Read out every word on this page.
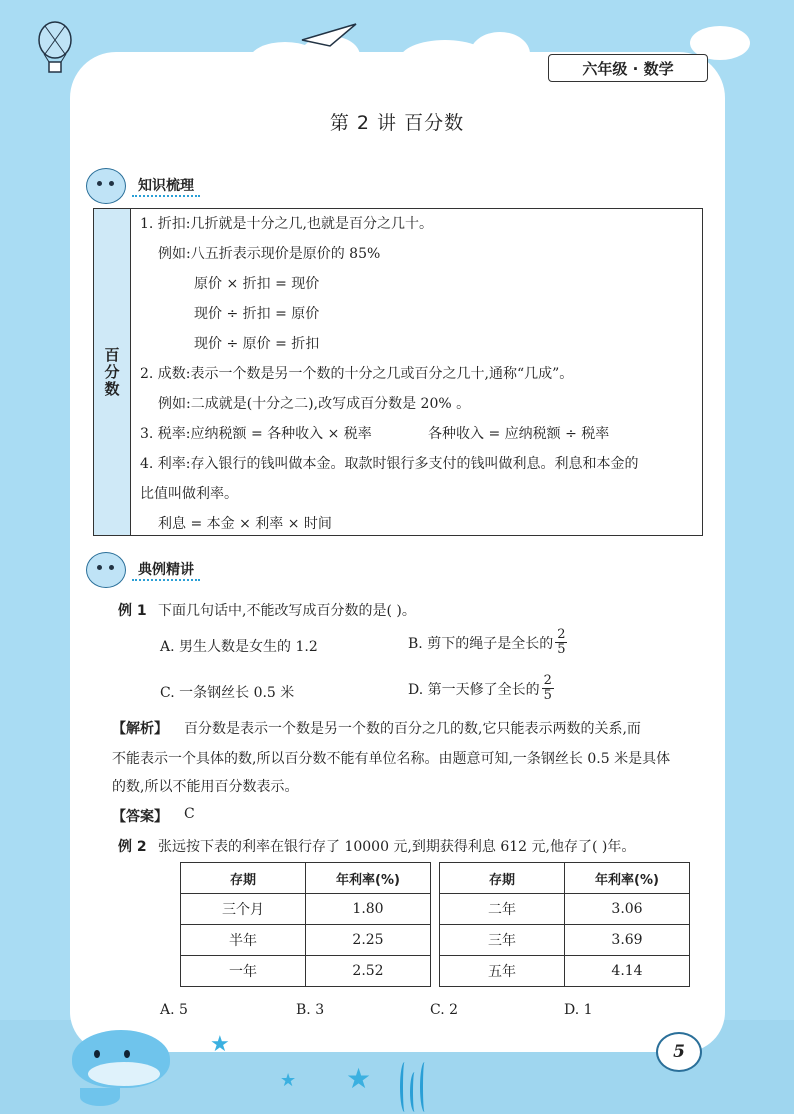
六年级 · 数学
第 2 讲 百分数
知识梳理
百分数
1. 折扣:几折就是十分之几,也就是百分之几十。
例如:八五折表示现价是原价的 85%
原价 × 折扣 = 现价
现价 ÷ 折扣 = 原价
现价 ÷ 原价 = 折扣
2. 成数:表示一个数是另一个数的十分之几或百分之几十,通称“几成”。
例如:二成就是(十分之二),改写成百分数是 20% 。
3. 税率:应纳税额 = 各种收入 × 税率	各种收入 = 应纳税额 ÷ 税率
4. 利率:存入银行的钱叫做本金。取款时银行多支付的钱叫做利息。利息和本金的
比值叫做利率。
利息 = 本金 × 利率 × 时间
典例精讲
例 1 下面几句话中,不能改写成百分数的是( )。
A. 男生人数是女生的 1.2	B. 剪下的绳子是全长的 $\frac{2}{5}$
C. 一条钢丝长 0.5 米	D. 第一天修了全长的 $\frac{2}{5}$
【解析】 百分数是表示一个数是另一个数的百分之几的数,它只能表示两数的关系,而
不能表示一个具体的数,所以百分数不能有单位名称。由题意可知,一条钢丝长 0.5 米是具体
的数,所以不能用百分数表示。
【答案】 C
例 2 张远按下表的利率在银行存了 10000 元,到期获得利息 612 元,他存了( )年。
存期	年利率(%)		存期	年利率(%)
三个月	1.80		二年	3.06
半年	2.25		三年	3.69
一年	2.52		五年	4.14
A. 5	B. 3	C. 2	D. 1
★
★ ★
5
